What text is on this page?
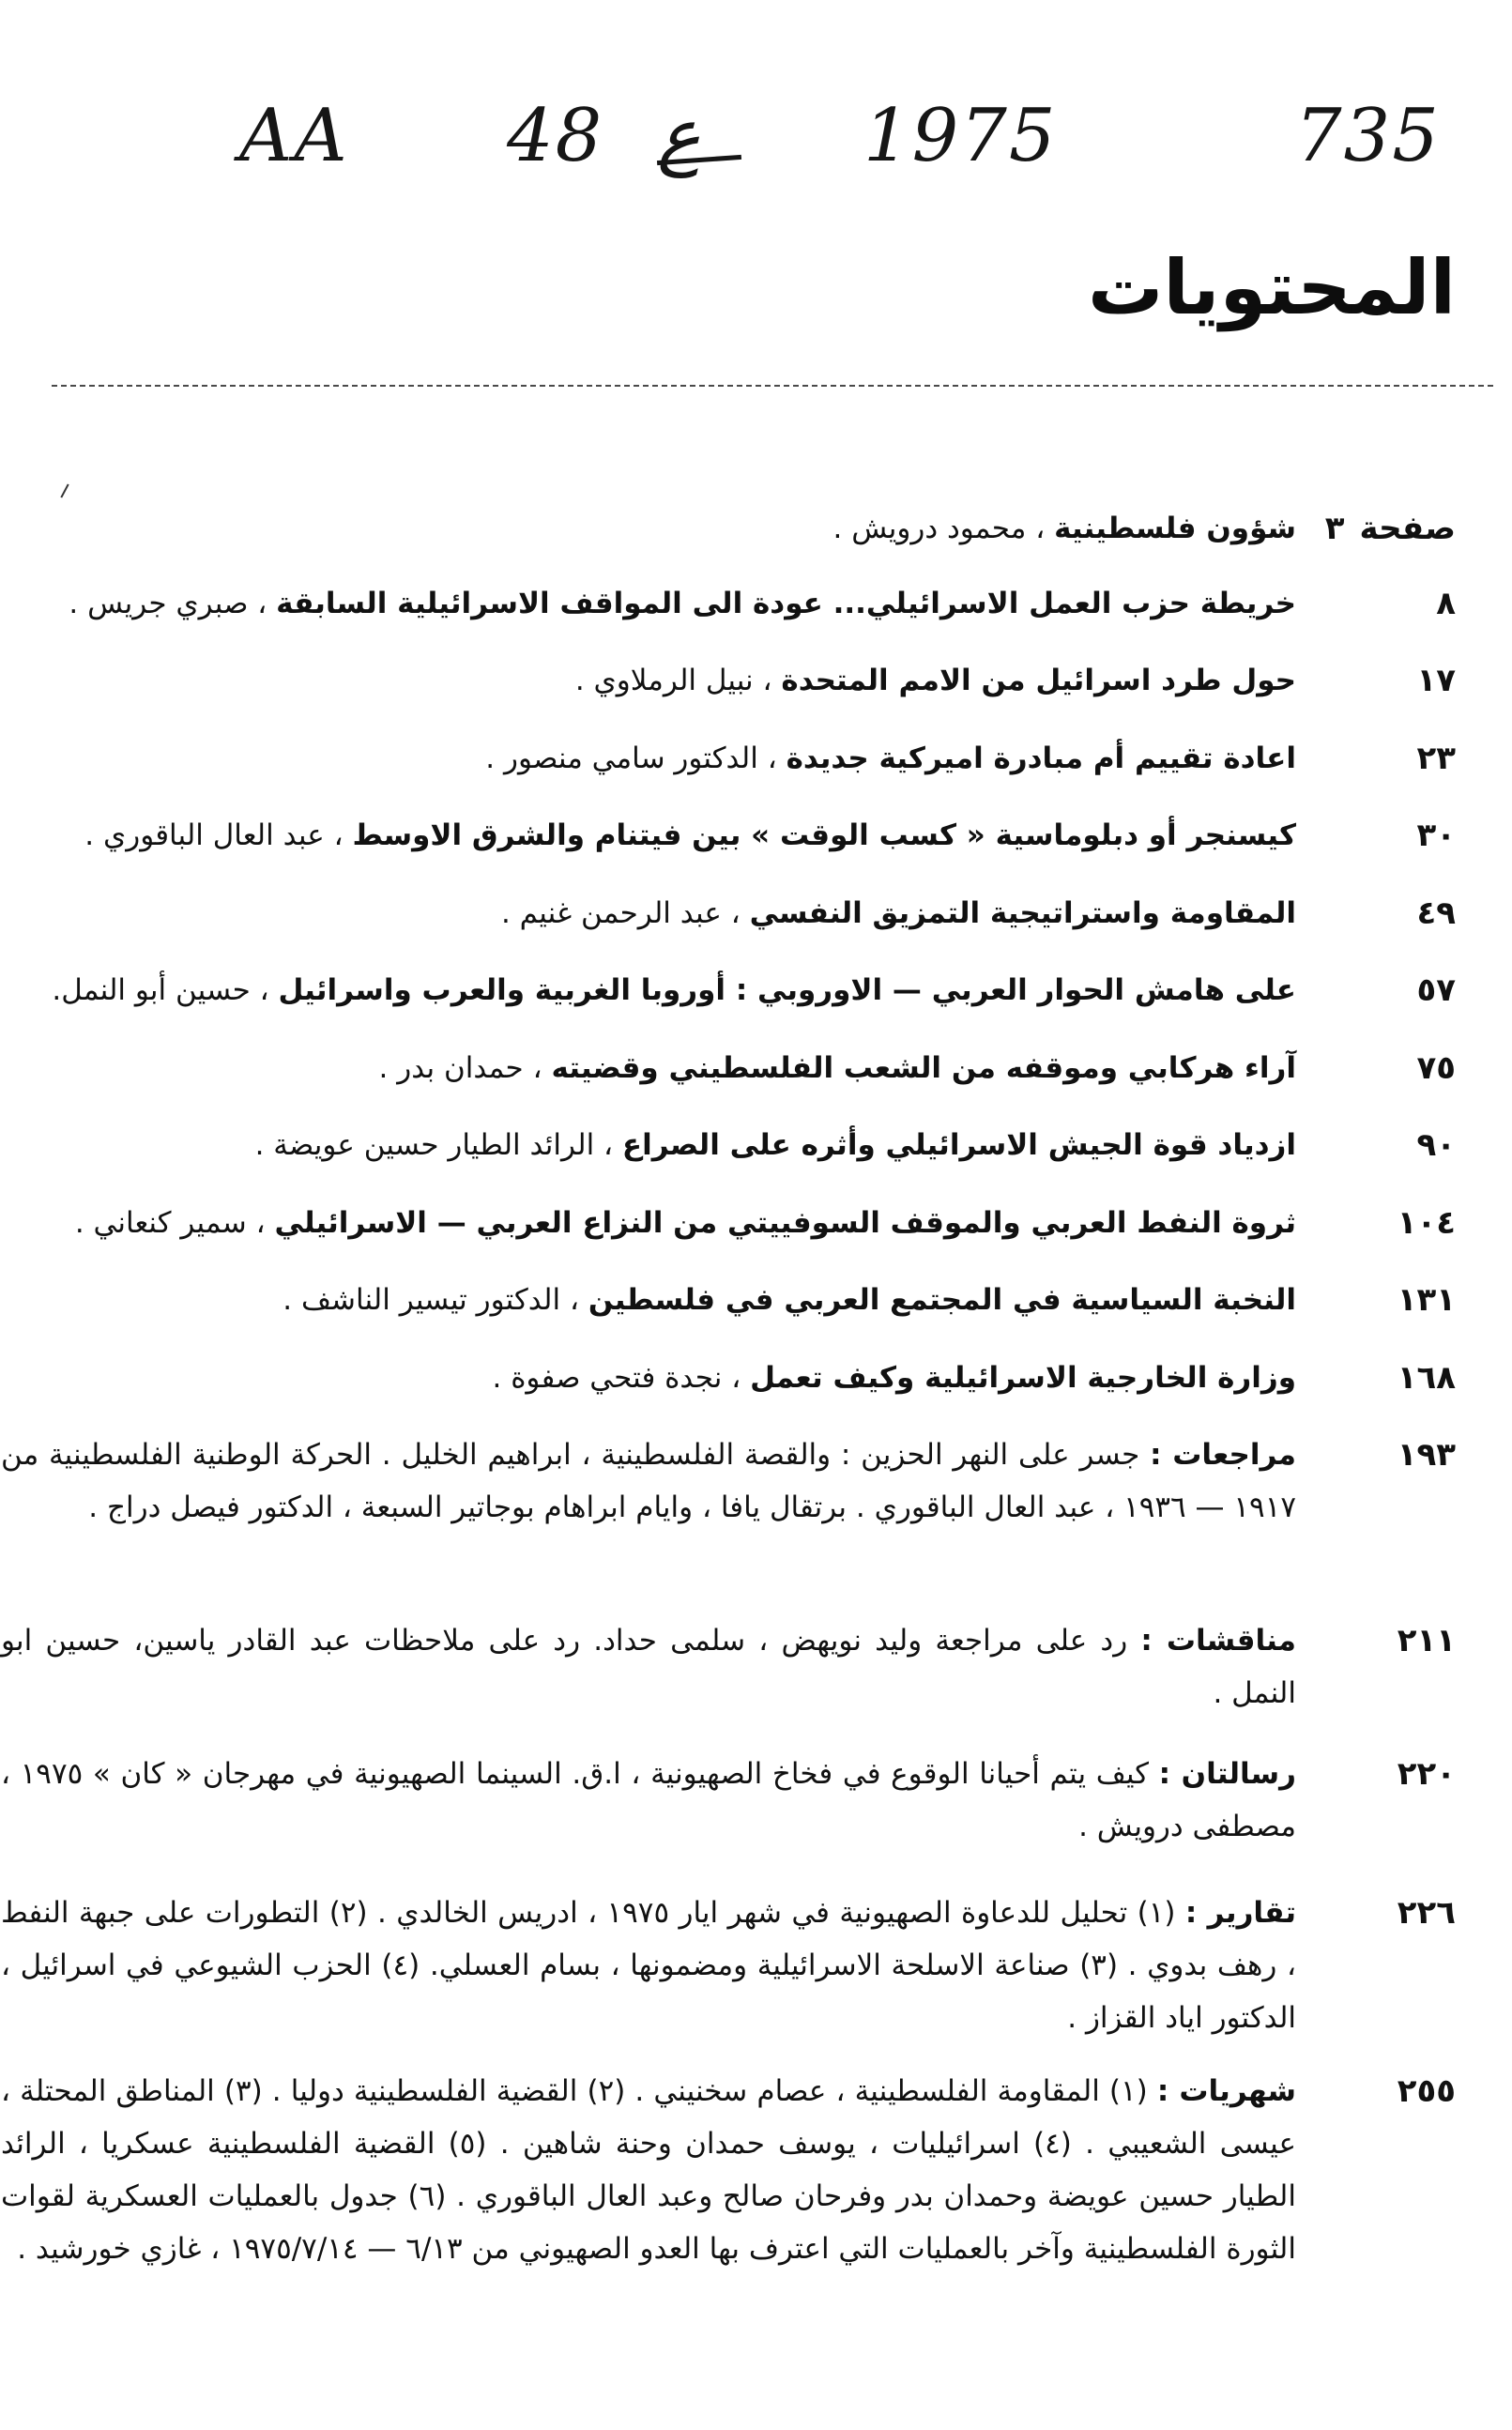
735
1975
ع
48
AA
المحتويات
صفحة
٣
شؤون فلسطينية ، محمود درويش .
٨
خريطة حزب العمل الاسرائيلي... عودة الى المواقف الاسرائيلية السابقة ، صبري جريس .
١٧
حول طرد اسرائيل من الامم المتحدة ، نبيل الرملاوي .
٢٣
اعادة تقييم أم مبادرة اميركية جديدة ، الدكتور سامي منصور .
٣٠
كيسنجر أو دبلوماسية « كسب الوقت » بين فيتنام والشرق الاوسط ، عبد العال الباقوري .
٤٩
المقاومة واستراتيجية التمزيق النفسي ، عبد الرحمن غنيم .
٥٧
على هامش الحوار العربي — الاوروبي : أوروبا الغربية والعرب واسرائيل ، حسين أبو النمل.
٧٥
آراء هركابي وموقفه من الشعب الفلسطيني وقضيته ، حمدان بدر .
٩٠
ازدياد قوة الجيش الاسرائيلي وأثره على الصراع ، الرائد الطيار حسين عويضة .
١٠٤
ثروة النفط العربي والموقف السوفييتي من النزاع العربي — الاسرائيلي ، سمير كنعاني .
١٣١
النخبة السياسية في المجتمع العربي في فلسطين ، الدكتور تيسير الناشف .
١٦٨
وزارة الخارجية الاسرائيلية وكيف تعمل ، نجدة فتحي صفوة .
١٩٣
مراجعات : جسر على النهر الحزين : والقصة الفلسطينية ، ابراهيم الخليل . الحركة الوطنية الفلسطينية من ١٩١٧ — ١٩٣٦ ، عبد العال الباقوري . برتقال يافا ، وايام ابراهام بوجاتير السبعة ، الدكتور فيصل دراج .
٢١١
مناقشات : رد على مراجعة وليد نويهض ، سلمى حداد. رد على ملاحظات عبد القادر ياسين، حسين ابو النمل .
٢٢٠
رسالتان : كيف يتم أحيانا الوقوع في فخاخ الصهيونية ، ا.ق. السينما الصهيونية في مهرجان « كان » ١٩٧٥ ، مصطفى درويش .
٢٢٦
تقارير : (١) تحليل للدعاوة الصهيونية في شهر ايار ١٩٧٥ ، ادريس الخالدي . (٢) التطورات على جبهة النفط ، رهف بدوي . (٣) صناعة الاسلحة الاسرائيلية ومضمونها ، بسام العسلي. (٤) الحزب الشيوعي في اسرائيل ، الدكتور اياد القزاز .
٢٥٥
شهريات : (١) المقاومة الفلسطينية ، عصام سخنيني . (٢) القضية الفلسطينية دوليا . (٣) المناطق المحتلة ، عيسى الشعيبي . (٤) اسرائيليات ، يوسف حمدان وحنة شاهين . (٥) القضية الفلسطينية عسكريا ، الرائد الطيار حسين عويضة وحمدان بدر وفرحان صالح وعبد العال الباقوري . (٦) جدول بالعمليات العسكرية لقوات الثورة الفلسطينية وآخر بالعمليات التي اعترف بها العدو الصهيوني من ٦/١٣ — ١٩٧٥/٧/١٤ ، غازي خورشيد .
